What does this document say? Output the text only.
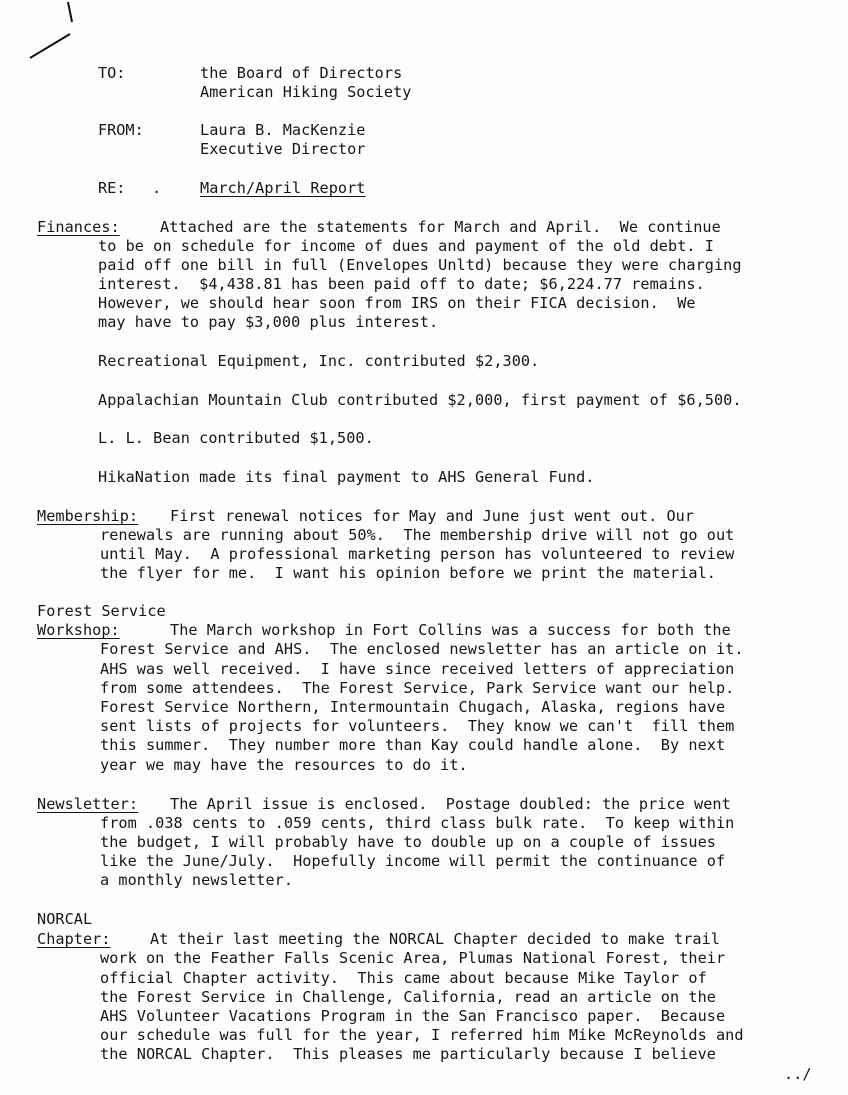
TO:	the Board of Directors
American Hiking Society
FROM:	Laura B. MacKenzie
Executive Director
RE: .	March/April Report
Finances:	Attached are the statements for March and April.  We continue
to be on schedule for income of dues and payment of the old debt. I
paid off one bill in full (Envelopes Unltd) because they were charging
interest.  $4,438.81 has been paid off to date; $6,224.77 remains.
However, we should hear soon from IRS on their FICA decision.  We
may have to pay $3,000 plus interest.
Recreational Equipment, Inc. contributed $2,300.
Appalachian Mountain Club contributed $2,000, first payment of $6,500.
L. L. Bean contributed $1,500.
HikaNation made its final payment to AHS General Fund.
Membership: First renewal notices for May and June just went out. Our
renewals are running about 50%.  The membership drive will not go out
until May.  A professional marketing person has volunteered to review
the flyer for me.  I want his opinion before we print the material.
Forest Service
Workshop:	The March workshop in Fort Collins was a success for both the
Forest Service and AHS.  The enclosed newsletter has an article on it.
AHS was well received.  I have since received letters of appreciation
from some attendees.  The Forest Service, Park Service want our help.
Forest Service Northern, Intermountain Chugach, Alaska, regions have
sent lists of projects for volunteers.  They know we can't  fill them
this summer.  They number more than Kay could handle alone.  By next
year we may have the resources to do it.
Newsletter: The April issue is enclosed.  Postage doubled: the price went
from .038 cents to .059 cents, third class bulk rate.  To keep within
the budget, I will probably have to double up on a couple of issues
like the June/July.  Hopefully income will permit the continuance of
a monthly newsletter.
NORCAL
Chapter:	At their last meeting the NORCAL Chapter decided to make trail
work on the Feather Falls Scenic Area, Plumas National Forest, their
official Chapter activity.  This came about because Mike Taylor of
the Forest Service in Challenge, California, read an article on the
AHS Volunteer Vacations Program in the San Francisco paper.  Because
our schedule was full for the year, I referred him Mike McReynolds and
the NORCAL Chapter.  This pleases me particularly because I believe
../
